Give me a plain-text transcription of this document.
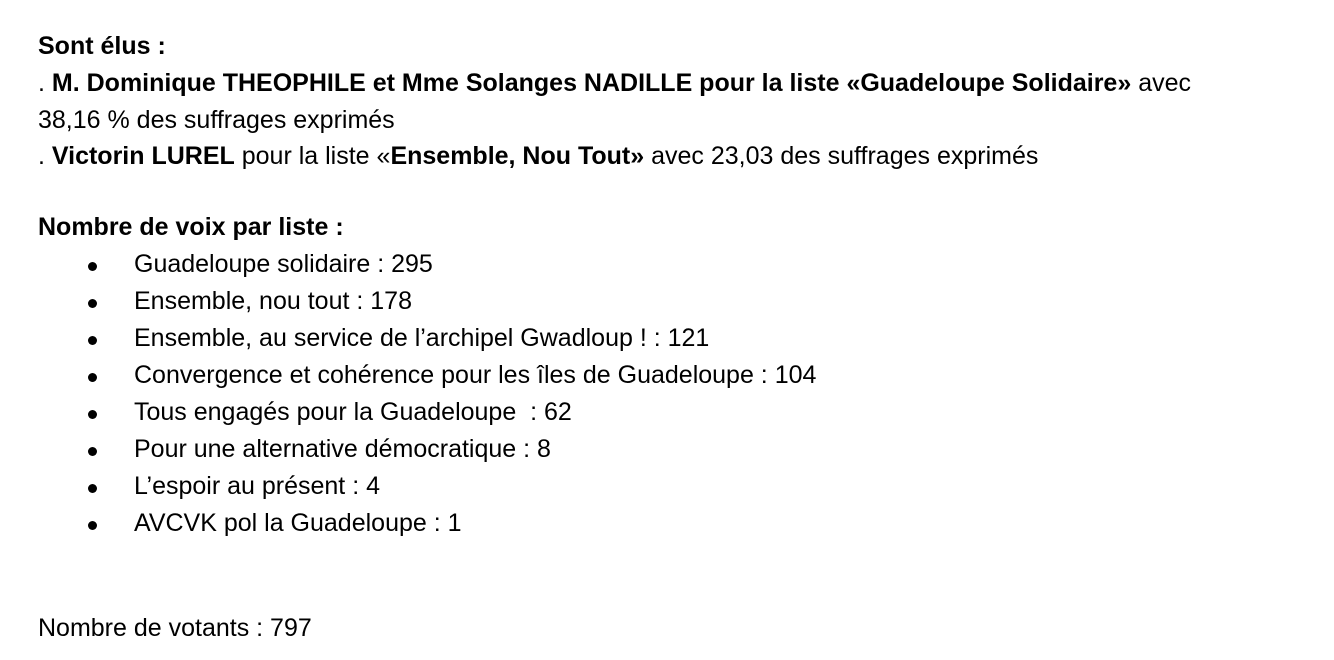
Sont élus :
. M. Dominique THEOPHILE et Mme Solanges NADILLE pour la liste «Guadeloupe Solidaire» avec
38,16 % des suffrages exprimés
. Victorin LUREL pour la liste «Ensemble, Nou Tout» avec 23,03 des suffrages exprimés
Nombre de voix par liste :
Guadeloupe solidaire : 295
Ensemble, nou tout : 178
Ensemble, au service de l’archipel Gwadloup ! : 121
Convergence et cohérence pour les îles de Guadeloupe : 104
Tous engagés pour la Guadeloupe  : 62
Pour une alternative démocratique : 8
L’espoir au présent : 4
AVCVK pol la Guadeloupe : 1
Nombre de votants : 797
